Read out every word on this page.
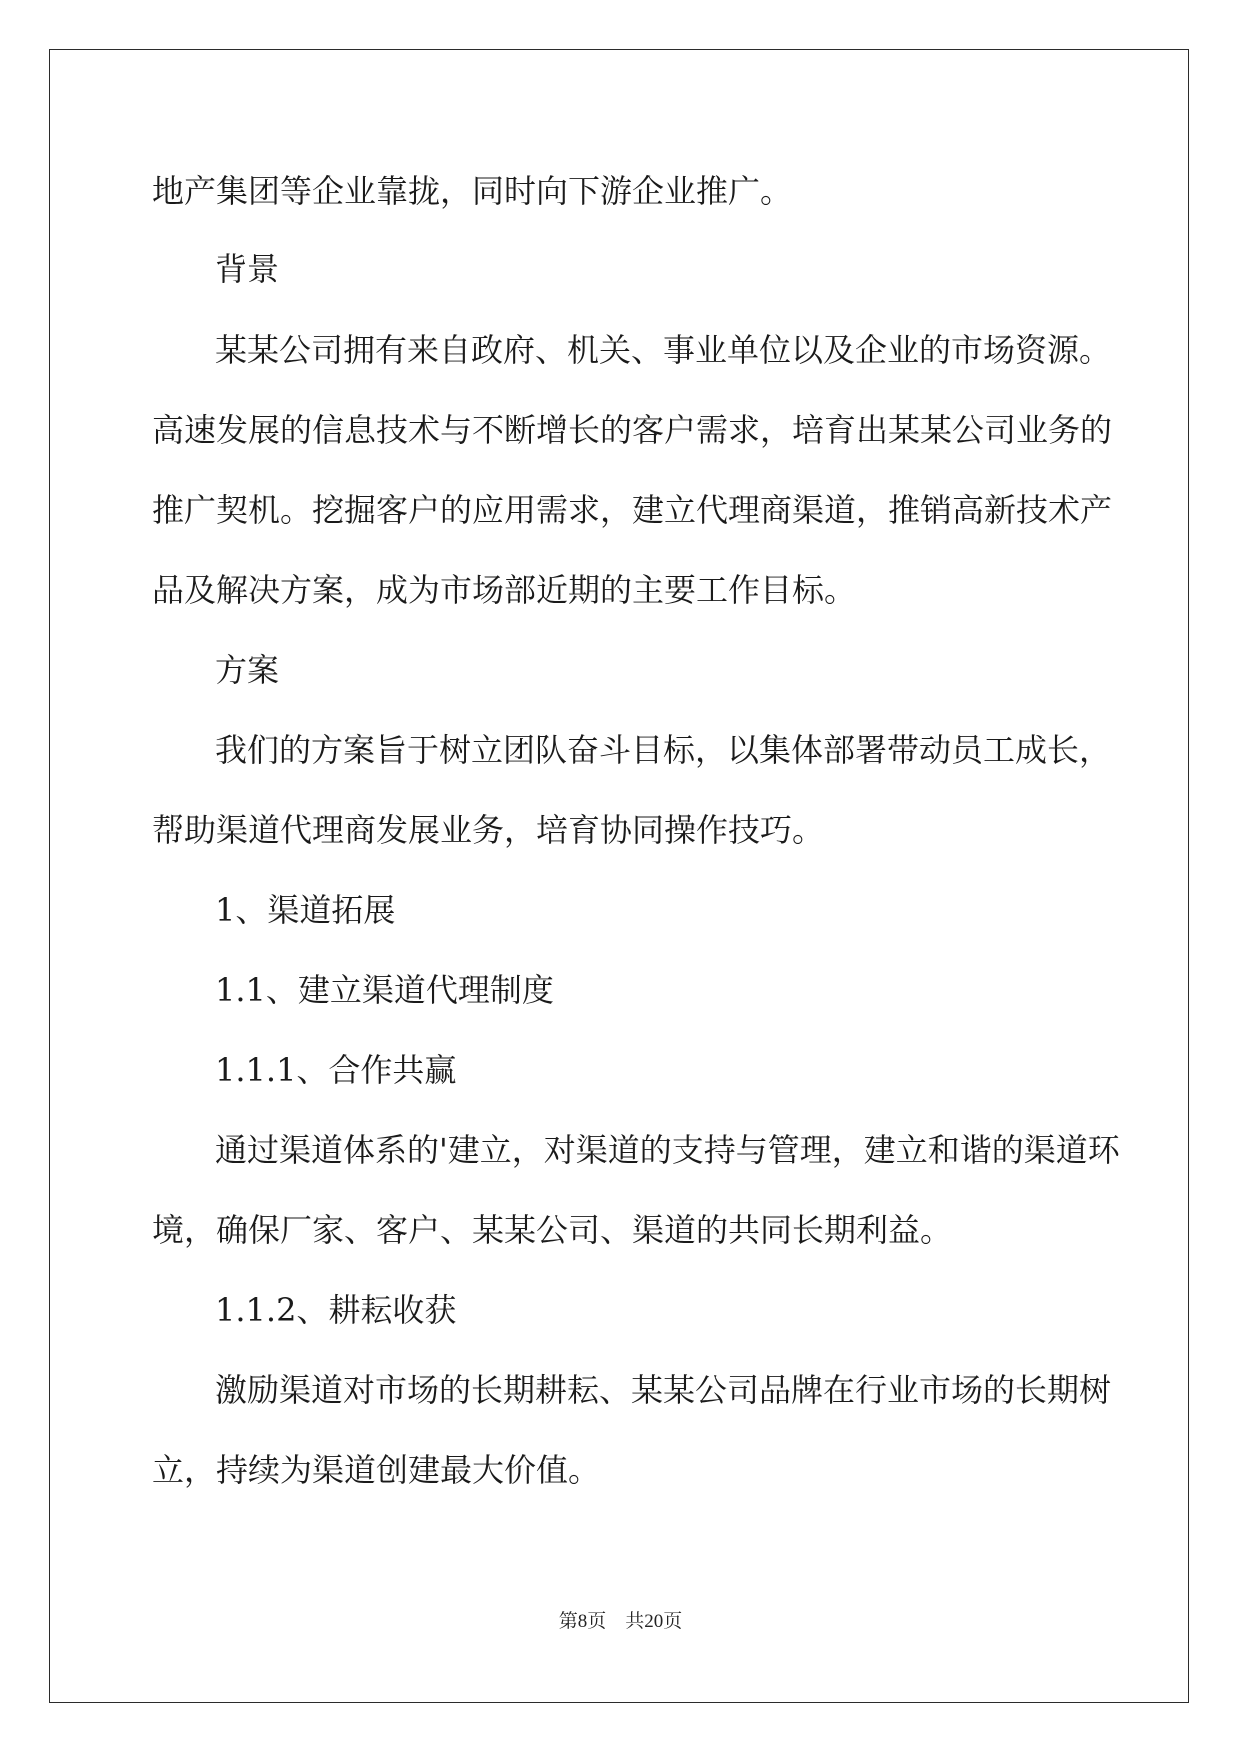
地产集团等企业靠拢，同时向下游企业推广。

背景

某某公司拥有来自政府、机关、事业单位以及企业的市场资源。

高速发展的信息技术与不断增长的客户需求，培育出某某公司业务的

推广契机。挖掘客户的应用需求，建立代理商渠道，推销高新技术产

品及解决方案，成为市场部近期的主要工作目标。

方案

我们的方案旨于树立团队奋斗目标，以集体部署带动员工成长，

帮助渠道代理商发展业务，培育协同操作技巧。

1、渠道拓展

1.1、建立渠道代理制度

1.1.1、合作共赢

通过渠道体系的'建立，对渠道的支持与管理，建立和谐的渠道环

境，确保厂家、客户、某某公司、渠道的共同长期利益。

1.1.2、耕耘收获

激励渠道对市场的长期耕耘、某某公司品牌在行业市场的长期树

立，持续为渠道创建最大价值。

第8页 共20页
